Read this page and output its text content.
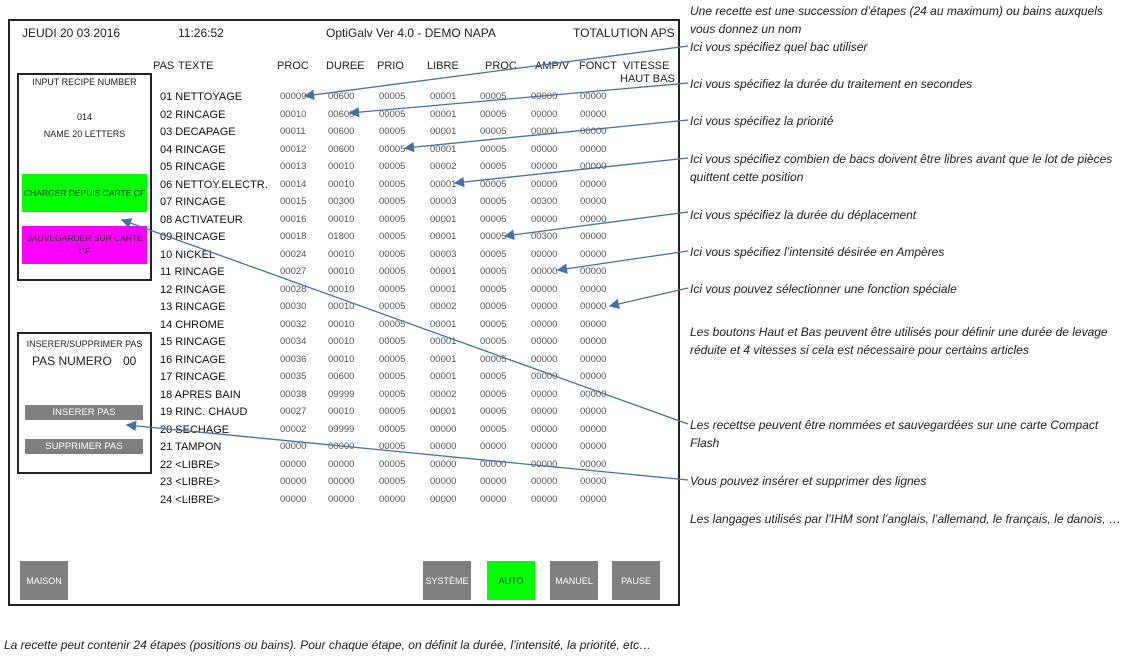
JEUDI 20 03 2016	11:26:52	OptiGalv Ver 4.0 - DEMO NAPA	TOTALUTION APS
INPUT RECIPE NUMBER
014
NAME 20 LETTERS
CHARGER DEPUIS CARTE CF
SAUVEGARDER SUR CARTE CF
INSERER/SUPPRIMER PAS
PAS NUMERO 00
INSERER PAS
SUPPRIMER PAS
PAS TEXTE	PROC DUREE PRIO LIBRE PROC AMP/V FONCT VITESSE
HAUT BAS
01 NETTOYAGE	00009 00600	00005	00001 00005	00000 00000
02 RINCAGE	00010 00600	00005	00001 00005	00000 00000
03 DECAPAGE	00011 00600	00005	00001 00005	00000 00000
04 RINCAGE	00012 00600	00005	00001 00005	00000 00000
05 RINCAGE	00013 00010	00005	00002 00005	00000 00000
06 NETTOY.ELECTR. 00014 00010	00005	00001 00005	00000 00000
07 RINCAGE	00015 00300	00005	00003 00005	00300 00000
08 ACTIVATEUR	00016 00010	00005	00001 00005	00000 00000
09 RINCAGE	00018 01800	00005	00001 00005	00300 00000
10 NICKEL	00024 00010	00005	00003 00005	00000 00000
11 RINCAGE	00027 00010	00005	00001 00005	00000 00000
12 RINCAGE	00028 00010	00005	00001 00005	00000 00000
13 RINCAGE	00030 00010	00005	00002 00005	00000 00000
14 CHROME	00032 00010	00005	00001 00005	00000 00000
15 RINCAGE	00034 00010	00005	00001 00005	00000 00000
16 RINCAGE	00036 00010	00005	00001 00005	00000 00000
17 RINCAGE	00035 00600	00005	00001 00005	00000 00000
18 APRES BAIN	00038 09999	00005	00002 00005	00000 00000
19 RINC. CHAUD	00027 00010	00005	00001 00005	00000 00000
20 SECHAGE	00002 09999	00005	00000 00005	00000 00000
21 TAMPON	00000 00000	00005	00000 00000	00000 00000
22 <LIBRE>	00000 00000	00005	00000 00000	00000 00000
23 <LIBRE>	00000 00000	00005	00000 00000	00000 00000
24 <LIBRE>	00000 00000	00000	00000 00000	00000 00000
MAISON	SYSTÈME	AUTO	MANUEL	PAUSE
Une recette est une succession d’étapes (24 au maximum) ou bains auxquels vous donnez un nom
Ici vous spécifiez quel bac utiliser
Ici vous spécifiez la durée du traitement en secondes
Ici vous spécifiez la priorité
Ici vous spécifiez combien de bacs doivent être libres avant que le lot de pièces quittent cette position
Ici vous spécifiez la durée du déplacement
Ici vous spécifiez l’intensité désirée en Ampères
Ici vous pouvez sélectionner une fonction spéciale
Les boutons Haut et Bas peuvent être utilisés pour définir une durée de levage réduite et 4 vitesses si cela est nécessaire pour certains articles
Les recettse peuvent être nommées et sauvegardées sur une carte Compact Flash
Vous pouvez insérer et supprimer des lignes
Les langages utilisés par l’IHM sont l’anglais, l’allemand, le français, le danois, …
La recette peut contenir 24 étapes (positions ou bains). Pour chaque étape, on définit la durée, l’intensité, la priorité, etc…
